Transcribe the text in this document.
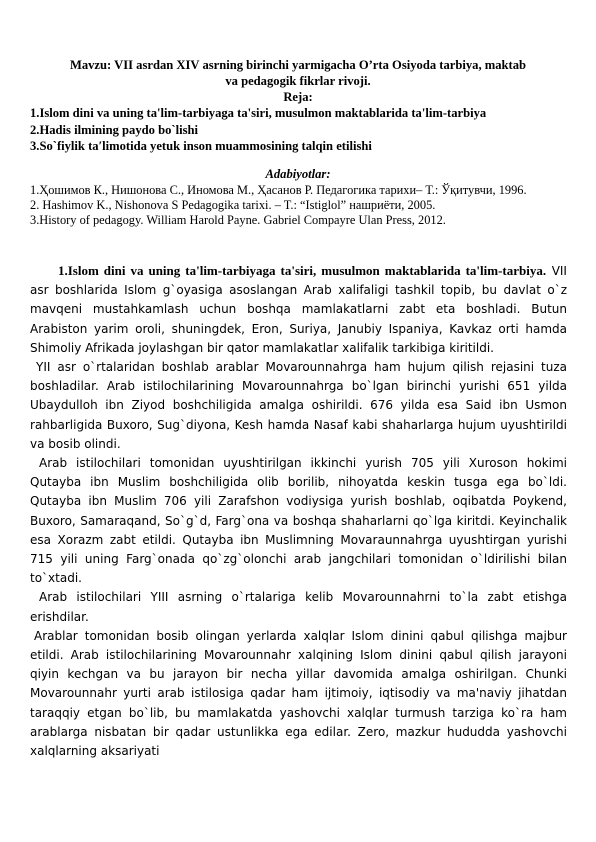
Mavzu: VII asrdan XIV asrning birinchi yarmigacha O’rta Osiyoda tarbiya, maktab
va pedagogik fikrlar rivoji.
Reja:
1.Islom dini va uning ta'lim-tarbiyaga ta'siri, musulmon maktablarida ta'lim-tarbiya
2.Hadis ilmining paydo bo`lishi
3.So`fiylik ta′limotida yetuk inson muammosining talqin etilishi
Adabiyotlar:
1.Ҳошимов К., Нишонова С., Иномова М., Ҳасанов Р. Педагогика тарихи– Т.: Ўқитувчи, 1996.
2. Hashimov K., Nishonova S Pedagogika tarixi. – T.: “Istiglol” нашриёти, 2005.
3.History of pedagogy. William Harold Payne. Gabriel Compayre Ulan Press, 2012.

1.Islom dini va uning ta'lim-tarbiyaga ta'siri, musulmon maktablarida ta'lim-tarbiya. VII asr boshlarida Islom g`oyasiga asoslangan Arab xalifaligi tashkil topib, bu davlat o`z mavqeni mustahkamlash uchun boshqa mamlakatlarni zabt eta boshladi. Butun Arabiston yarim oroli, shuningdek, Eron, Suriya, Janubiy Ispaniya, Kavkaz orti hamda Shimoliy Afrikada joylashgan bir qator mamlakatlar xalifalik tarkibiga kiritildi.

YII asr o`rtalaridan boshlab arablar Movarounnahrga ham hujum qilish rejasini tuza boshladilar. Arab istilochilarining Movarounnahrga bo`lgan birinchi yurishi 651 yilda Ubaydulloh ibn Ziyod boshchiligida amalga oshirildi. 676 yilda esa Said ibn Usmon rahbarligida Buxoro, Sug`diyona, Kesh hamda Nasaf kabi shaharlarga hujum uyushtirildi va bosib olindi.

Arab istilochilari tomonidan uyushtirilgan ikkinchi yurish 705 yili Xuroson hokimi Qutayba ibn Muslim boshchiligida olib borilib, nihoyatda keskin tusga ega bo`ldi. Qutayba ibn Muslim 706 yili Zarafshon vodiysiga yurish boshlab, oqibatda Poykend, Buxoro, Samaraqand, So`g`d, Farg`ona va boshqa shaharlarni qo`lga kiritdi. Keyinchalik esa Xorazm zabt etildi. Qutayba ibn Muslimning Movaraunnahrga uyushtirgan yurishi 715 yili uning Farg`onada qo`zg`olonchi arab jangchilari tomonidan o`ldirilishi bilan to`xtadi.

Arab istilochilari YIII asrning o`rtalariga kelib Movarounnahrni to`la zabt etishga erishdilar.

Arablar tomonidan bosib olingan yerlarda xalqlar Islom dinini qabul qilishga majbur etildi. Arab istilochilarining Movarounnahr xalqining Islom dinini qabul qilish jarayoni qiyin kechgan va bu jarayon bir necha yillar davomida amalga oshirilgan. Chunki Movarounnahr yurti arab istilosiga qadar ham ijtimoiy, iqtisodiy va ma'naviy jihatdan taraqqiy etgan bo`lib, bu mamlakatda yashovchi xalqlar turmush tarziga ko`ra ham arablarga nisbatan bir qadar ustunlikka ega edilar. Zero, mazkur hududda yashovchi xalqlarning aksariyati
